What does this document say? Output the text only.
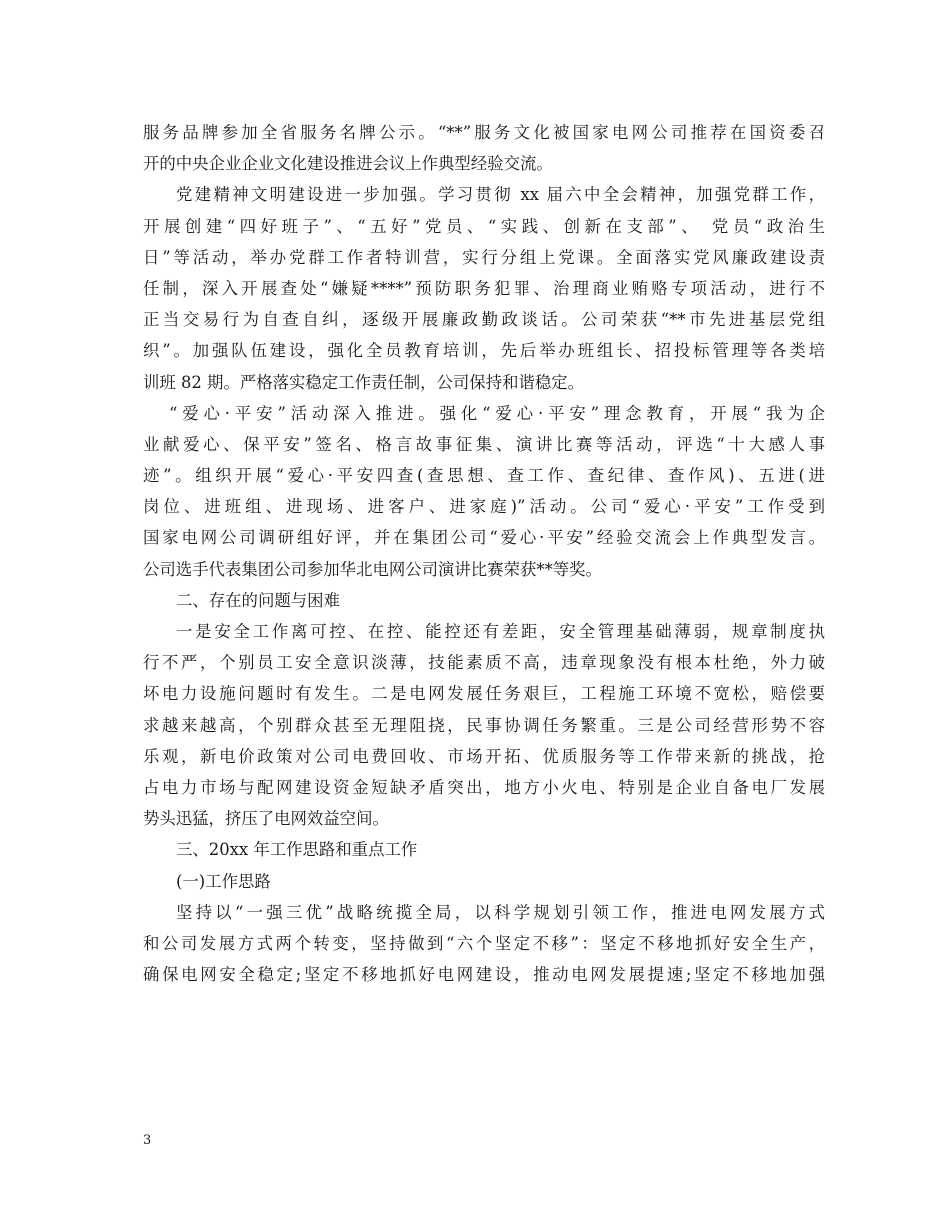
服务品牌参加全省服务名牌公示。“**”服务文化被国家电网公司推荐在国资委召
开的中央企业企业文化建设推进会议上作典型经验交流。
党建精神文明建设进一步加强。学习贯彻 xx 届六中全会精神，加强党群工作，
开展创建“四好班子”、“五好”党员、“实践、创新在支部”、 党员“政治生
日”等活动，举办党群工作者特训营，实行分组上党课。全面落实党风廉政建设责
任制，深入开展查处“嫌疑****”预防职务犯罪、治理商业贿赂专项活动，进行不
正当交易行为自查自纠，逐级开展廉政勤政谈话。公司荣获“**市先进基层党组
织”。加强队伍建设，强化全员教育培训，先后举办班组长、招投标管理等各类培
训班 82 期。严格落实稳定工作责任制，公司保持和谐稳定。
“爱心·平安”活动深入推进。强化“爱心·平安”理念教育，开展“我为企
业献爱心、保平安”签名、格言故事征集、演讲比赛等活动，评选“十大感人事
迹”。组织开展“爱心·平安四查(查思想、查工作、查纪律、查作风)、五进(进
岗位、进班组、进现场、进客户、进家庭)”活动。公司“爱心·平安”工作受到
国家电网公司调研组好评，并在集团公司“爱心·平安”经验交流会上作典型发言。
公司选手代表集团公司参加华北电网公司演讲比赛荣获**等奖。
二、存在的问题与困难
一是安全工作离可控、在控、能控还有差距，安全管理基础薄弱，规章制度执
行不严，个别员工安全意识淡薄，技能素质不高，违章现象没有根本杜绝，外力破
坏电力设施问题时有发生。二是电网发展任务艰巨，工程施工环境不宽松，赔偿要
求越来越高，个别群众甚至无理阻挠，民事协调任务繁重。三是公司经营形势不容
乐观，新电价政策对公司电费回收、市场开拓、优质服务等工作带来新的挑战，抢
占电力市场与配网建设资金短缺矛盾突出，地方小火电、特别是企业自备电厂发展
势头迅猛，挤压了电网效益空间。
三、20xx 年工作思路和重点工作
(一)工作思路
坚持以“一强三优”战略统揽全局，以科学规划引领工作，推进电网发展方式
和公司发展方式两个转变，坚持做到“六个坚定不移”：坚定不移地抓好安全生产，
确保电网安全稳定;坚定不移地抓好电网建设，推动电网发展提速;坚定不移地加强
3
